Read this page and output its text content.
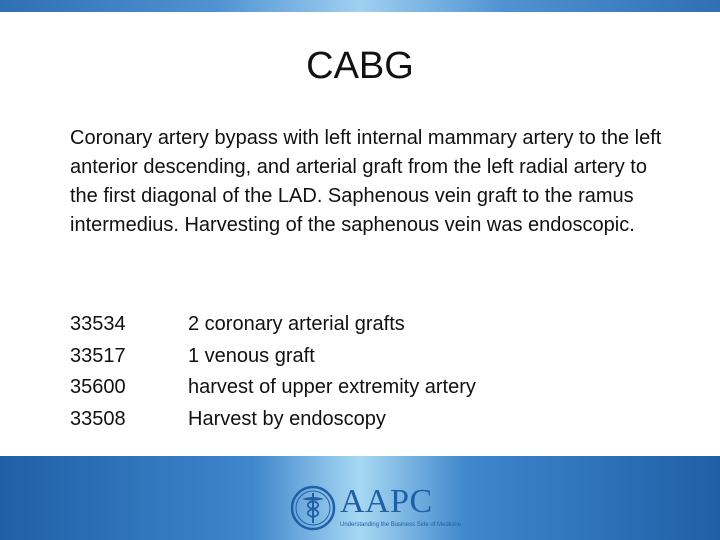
CABG

Coronary artery bypass with left internal mammary artery to the left anterior descending, and arterial graft from the left radial artery to the first diagonal of the LAD. Saphenous vein graft to the ramus intermedius. Harvesting of the saphenous vein was endoscopic.

33534	2 coronary arterial grafts
33517	1 venous graft
35600	harvest of upper extremity artery
33508	Harvest by endoscopy
AAPC
Understanding the Business Side of Medicine
